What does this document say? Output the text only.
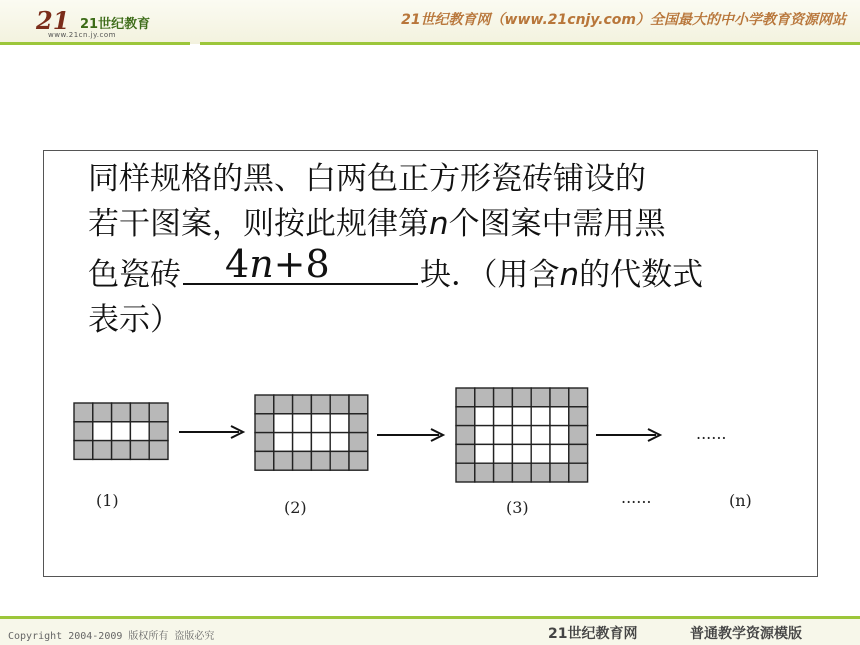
21 21世纪教育
www.21cn.jy.com
21世纪教育网（www.21cnjy.com）全国最大的中小学教育资源网站
同样规格的黑、白两色正方形瓷砖铺设的
若干图案，则按此规律第n个图案中需用黑
色瓷砖 4n+8	块．（用含n的代数式
表示）
......
(1)	(2)	(3)
......	(n)
Copyright 2004-2009 版权所有 盗版必究	21世纪教育网	普通教学资源模版
